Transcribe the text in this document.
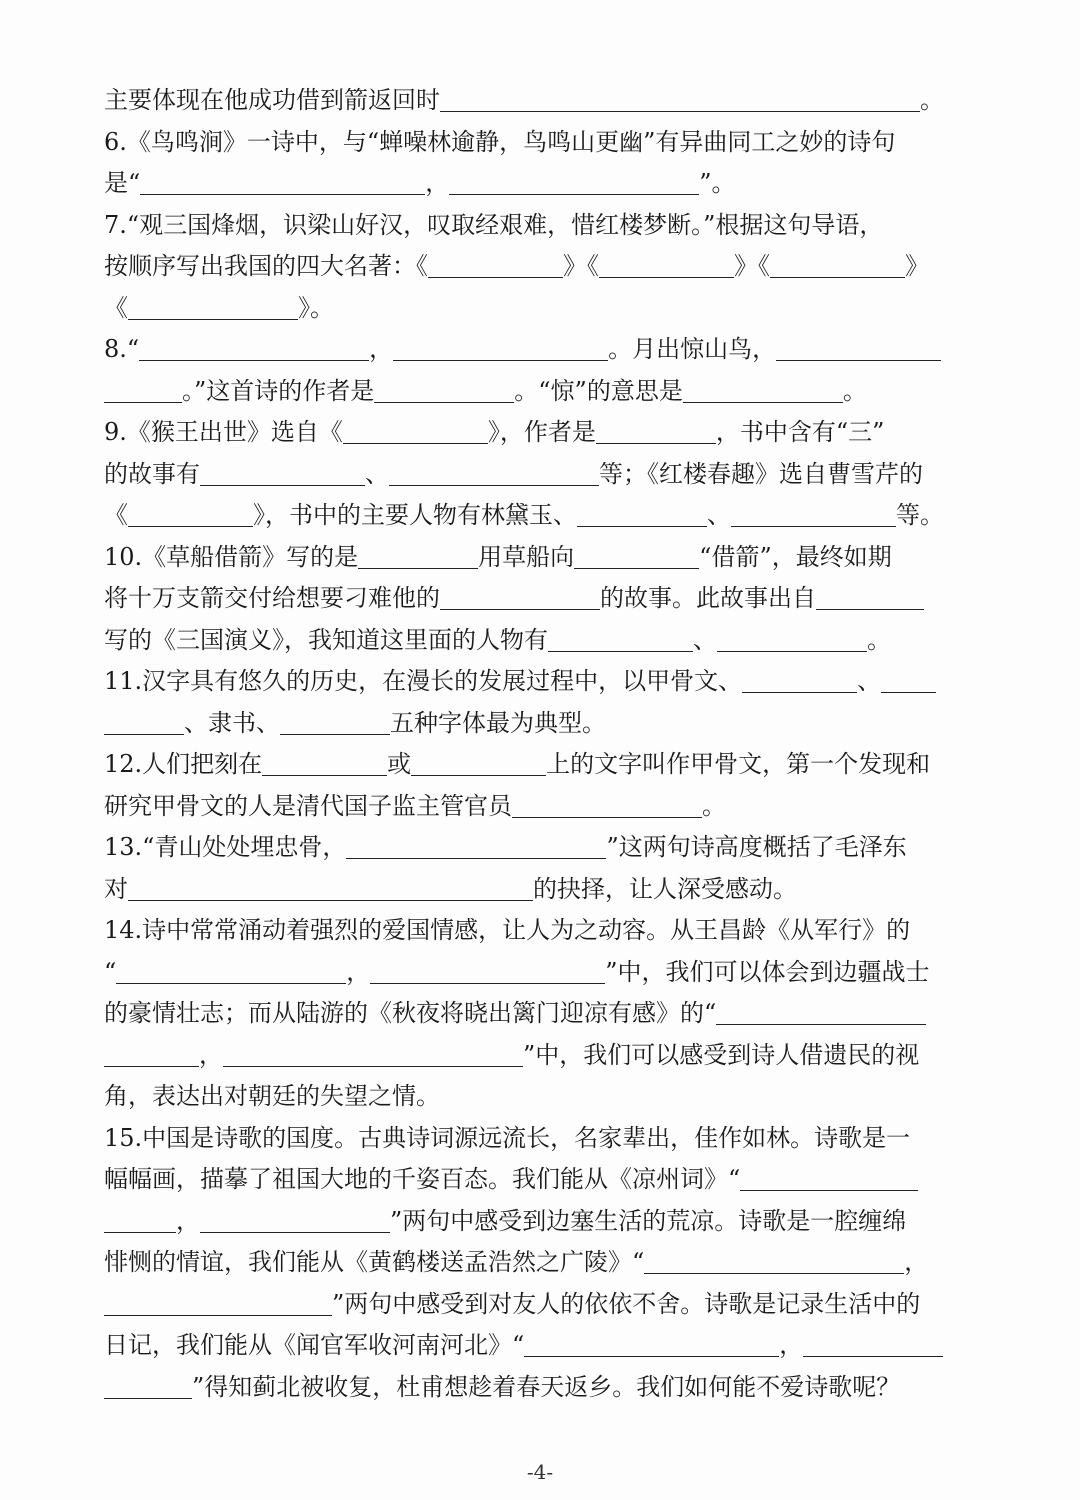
主要体现在他成功借到箭返回时	。
6.《鸟鸣涧》一诗中，与“蝉噪林逾静，鸟鸣山更幽”有异曲同工之妙的诗句
是“	，	”。
7.“观三国烽烟，识梁山好汉，叹取经艰难，惜红楼梦断。”根据这句导语，
按顺序写出我国的四大名著：《	》《	》《	》
《	》。
8.“	，	。月出惊山鸟，
。”这首诗的作者是	。“惊”的意思是	。
9.《猴王出世》选自《	》，作者是	，书中含有“三”
的故事有	、	等；《红楼春趣》选自曹雪芹的
《	》，书中的主要人物有林黛玉、	、	等。
10.《草船借箭》写的是	用草船向	“借箭”，最终如期
将十万支箭交付给想要刁难他的	的故事。此故事出自
写的《三国演义》，我知道这里面的人物有	、	。
11.汉字具有悠久的历史，在漫长的发展过程中，以甲骨文、	、
、隶书、	五种字体最为典型。
12.人们把刻在	或	上的文字叫作甲骨文，第一个发现和
研究甲骨文的人是清代国子监主管官员	。
13.“青山处处埋忠骨，	”这两句诗高度概括了毛泽东
对	的抉择，让人深受感动。
14.诗中常常涌动着强烈的爱国情感，让人为之动容。从王昌龄《从军行》的
“	，	”中，我们可以体会到边疆战士
的豪情壮志；而从陆游的《秋夜将晓出篱门迎凉有感》的“
，	”中，我们可以感受到诗人借遗民的视
角，表达出对朝廷的失望之情。
15.中国是诗歌的国度。古典诗词源远流长，名家辈出，佳作如林。诗歌是一
幅幅画，描摹了祖国大地的千姿百态。我们能从《凉州词》“
，	”两句中感受到边塞生活的荒凉。诗歌是一腔缠绵
悱恻的情谊，我们能从《黄鹤楼送孟浩然之广陵》“	，
”两句中感受到对友人的依依不舍。诗歌是记录生活中的
日记，我们能从《闻官军收河南河北》“	，
”得知蓟北被收复，杜甫想趁着春天返乡。我们如何能不爱诗歌呢？
-4-
